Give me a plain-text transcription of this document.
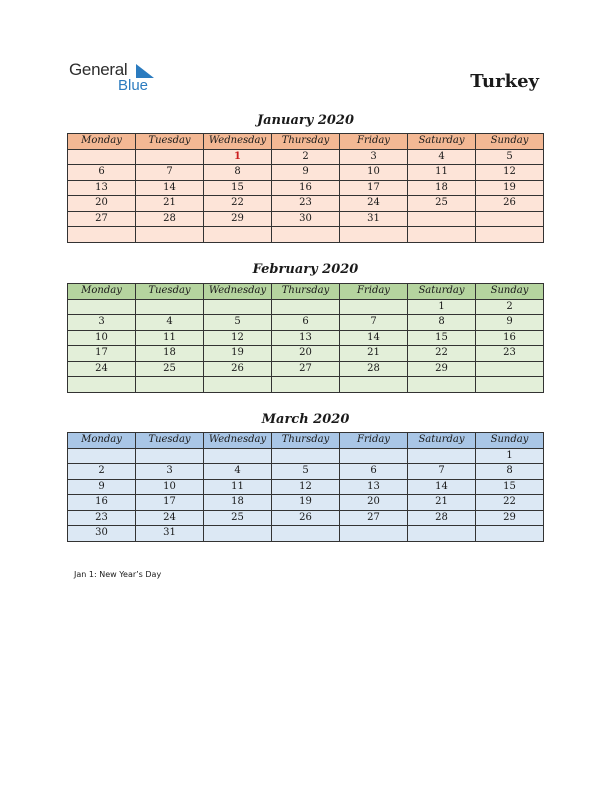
General
Blue	Turkey
January 2020
Monday	Tuesday	Wednesday	Thursday	Friday	Saturday	Sunday
		1	2	3	4	5
6	7	8	9	10	11	12
13	14	15	16	17	18	19
20	21	22	23	24	25	26
27	28	29	30	31		

February 2020
Monday	Tuesday	Wednesday	Thursday	Friday	Saturday	Sunday
					1	2
3	4	5	6	7	8	9
10	11	12	13	14	15	16
17	18	19	20	21	22	23
24	25	26	27	28	29	

March 2020
Monday	Tuesday	Wednesday	Thursday	Friday	Saturday	Sunday
						1
2	3	4	5	6	7	8
9	10	11	12	13	14	15
16	17	18	19	20	21	22
23	24	25	26	27	28	29
30	31					
Jan 1: New Year’s Day
